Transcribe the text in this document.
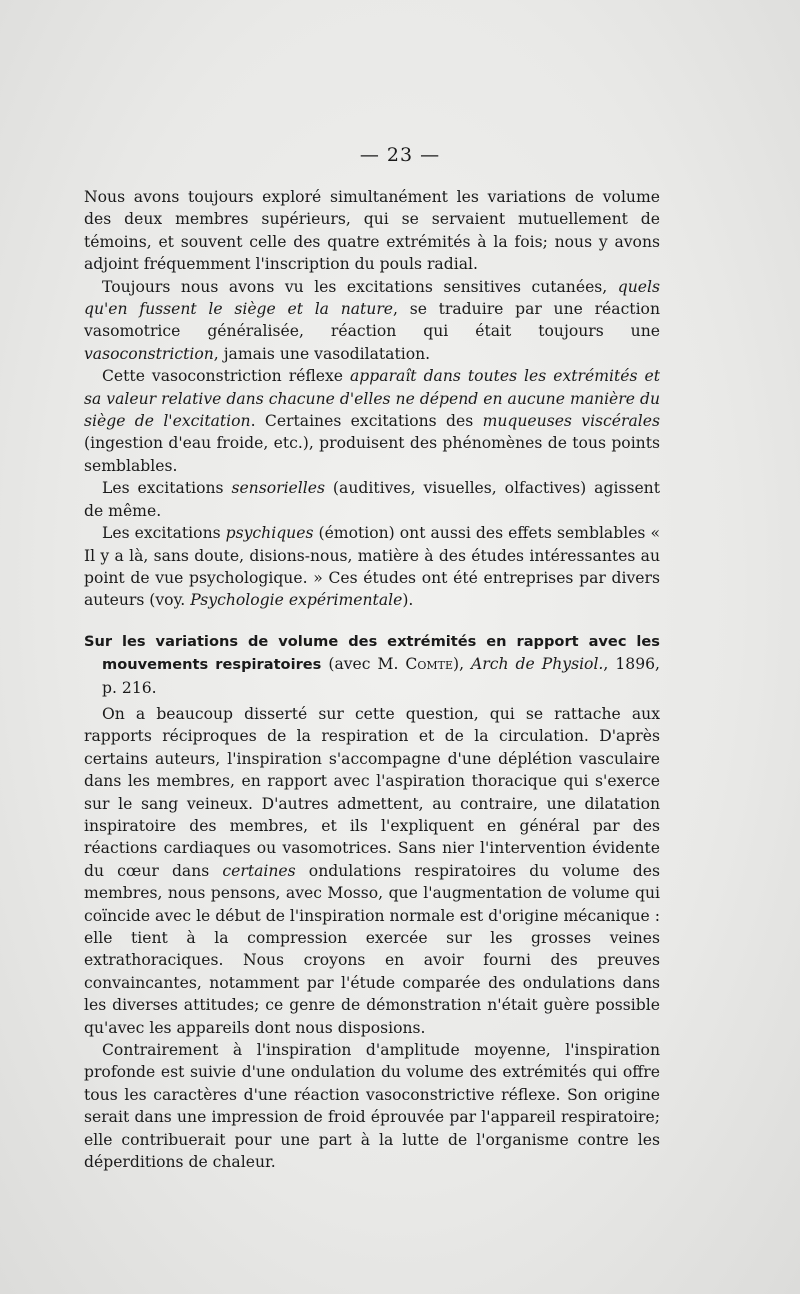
— 23 —

Nous avons toujours exploré simultanément les variations de volume des deux membres supérieurs, qui se servaient mutuellement de témoins, et souvent celle des quatre extrémités à la fois; nous y avons adjoint fréquemment l'inscription du pouls radial.

Toujours nous avons vu les excitations sensitives cutanées, quels qu'en fussent le siège et la nature, se traduire par une réaction vasomotrice généralisée, réaction qui était toujours une vasoconstriction, jamais une vasodilatation.

Cette vasoconstriction réflexe apparaît dans toutes les extrémités et sa valeur relative dans chacune d'elles ne dépend en aucune manière du siège de l'excitation. Certaines excitations des muqueuses viscérales (ingestion d'eau froide, etc.), produisent des phénomènes de tous points semblables.

Les excitations sensorielles (auditives, visuelles, olfactives) agissent de même.

Les excitations psychiques (émotion) ont aussi des effets semblables « Il y a là, sans doute, disions-nous, matière à des études intéressantes au point de vue psychologique. » Ces études ont été entreprises par divers auteurs (voy. Psychologie expérimentale).

Sur les variations de volume des extrémités en rapport avec les mouvements respiratoires (avec M. Comte), Arch de Physiol., 1896, p. 216.

On a beaucoup disserté sur cette question, qui se rattache aux rapports réciproques de la respiration et de la circulation. D'après certains auteurs, l'inspiration s'accompagne d'une déplétion vasculaire dans les membres, en rapport avec l'aspiration thoracique qui s'exerce sur le sang veineux. D'autres admettent, au contraire, une dilatation inspiratoire des membres, et ils l'expliquent en général par des réactions cardiaques ou vasomotrices. Sans nier l'intervention évidente du cœur dans certaines ondulations respiratoires du volume des membres, nous pensons, avec Mosso, que l'augmentation de volume qui coïncide avec le début de l'inspiration normale est d'origine mécanique : elle tient à la compression exercée sur les grosses veines extrathoraciques. Nous croyons en avoir fourni des preuves convaincantes, notamment par l'étude comparée des ondulations dans les diverses attitudes; ce genre de démonstration n'était guère possible qu'avec les appareils dont nous disposions.

Contrairement à l'inspiration d'amplitude moyenne, l'inspiration profonde est suivie d'une ondulation du volume des extrémités qui offre tous les caractères d'une réaction vasoconstrictive réflexe. Son origine serait dans une impression de froid éprouvée par l'appareil respiratoire; elle contribuerait pour une part à la lutte de l'organisme contre les déperditions de chaleur.
